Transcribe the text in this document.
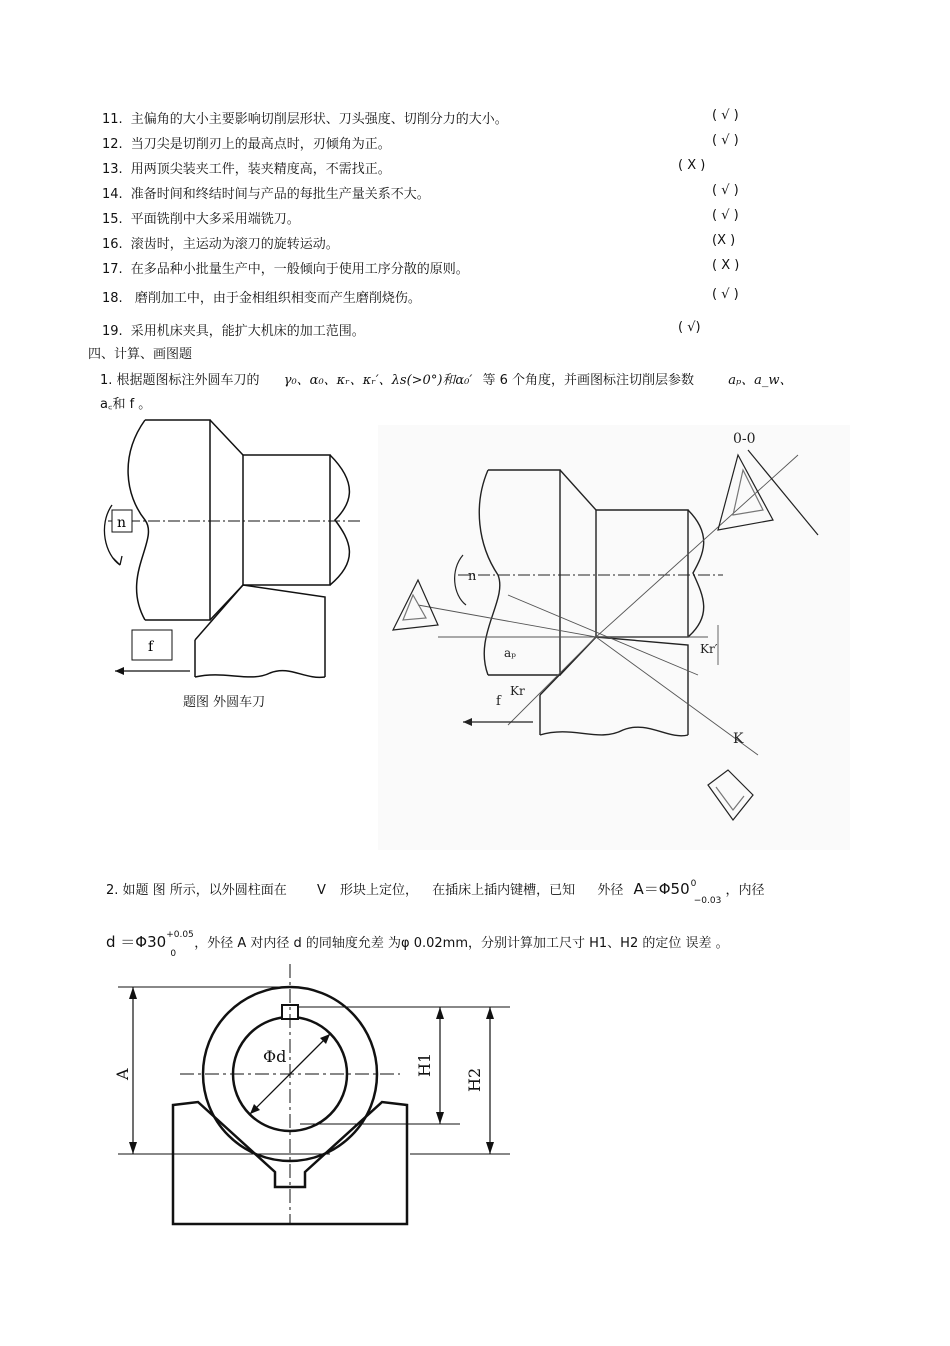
11. 主偏角的大小主要影响切削层形状、刀头强度、切削分力的大小。	( √ )
12. 当刀尖是切削刃上的最高点时，刃倾角为正。	( √ )
13. 用两顶尖装夹工件，装夹精度高，不需找正。	( X )
14. 准备时间和终结时间与产品的每批生产量关系不大。	( √ )
15. 平面铣削中大多采用端铣刀。	( √ )
16. 滚齿时，主运动为滚刀的旋转运动。	(X )
17. 在多品种小批量生产中，一般倾向于使用工序分散的原则。	( X )
18. 磨削加工中，由于金相组织相变而产生磨削烧伤。	( √ )
19. 采用机床夹具，能扩大机床的加工范围。	( √)
四、计算、画图题
1. 根据题图标注外圆车刀的 γ₀、α₀、κᵣ、κᵣ′、λs(>0°)和α₀′ 等 6 个角度，并画图标注切削层参数	aₚ、a_w、
a꜀和 f 。
n
f
题图 外圆车刀
0-0
K
aₚ
Kr
Kr′
n
f
2. 如题 图 所示，以外圆柱面在 V 形块上定位， 在插床上插内键槽，已知 外径 A＝Φ50 0
$_{-0.03}$ ，内径
d ＝Φ30 +0.05
$_0$ ，外径 A 对内径 d 的同轴度允差 为φ 0.02mm，分别计算加工尺寸 H1、H2 的定位 误差 。
Φd
A	H1
H2
